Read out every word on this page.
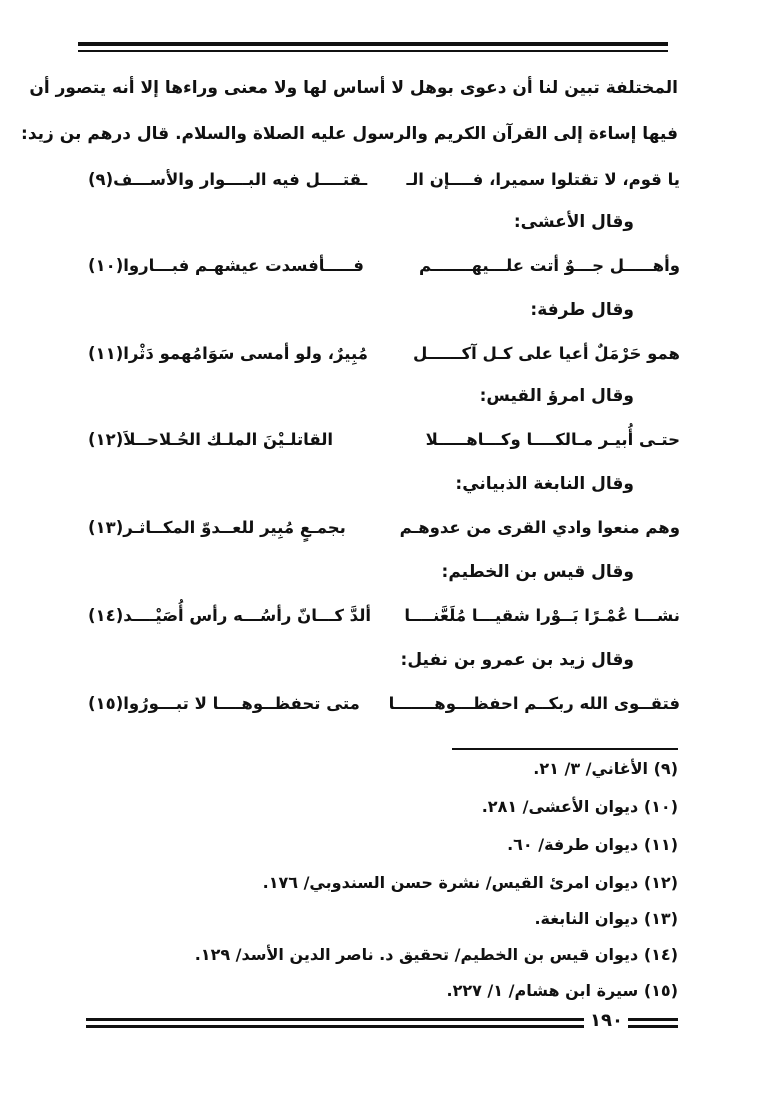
المختلفة تبين لنا أن دعوى بوهل لا أساس لها ولا معنى وراءها إلا أنه يتصور أن
فيها إساءة إلى القرآن الكريم والرسول عليه الصلاة والسلام. قال درهم بن زيد:
يا قوم، لا تقتلوا سميرا، فــــإن الـ
ـقتــــل فيه البــــوار والأســـف(٩)
وقال الأعشى:
وأهـــــل جـــوٌ أتت علـــيهـــــــم
فـــــأفسدت عيشهـم فبـــاروا(١٠)
وقال طرفة:
همو حَرْمَلٌ أعيا على كـل آكــــــل
مُبِيرٌ، ولو أمسى سَوَامُهمو دَثْرا(١١)
وقال امرؤ القيس:
حتـى أُبيـر مـالكــــا وكـــاهـــــلا
القاتلـيْنَ الملـك الحُـلاحــلاَ(١٢)
وقال النابغة الذبياني:
وهم منعوا وادي القرى من عدوهـم
بجمـعٍ مُبِير للعــدوّ المكــاثـر(١٣)
وقال قيس بن الخطيم:
نشـــا عُمْـرًا بَــوْرا شقيـــا مُلَعَّنــــا
ألدَّ كـــانّ رأسُـــه رأس أُصَيْــــد(١٤)
وقال زيد بن عمرو بن نفيل:
فتقــوى الله ربكــم احفظـــوهـــــــا
متى تحفظــوهــــا لا تبـــورُوا(١٥)
(٩) الأغاني/ ٣/ ٢١.
(١٠) ديوان الأعشى/ ٢٨١.
(١١) ديوان طرفة/ ٦٠.
(١٢) ديوان امرئ القيس/ نشرة حسن السندوبي/ ١٧٦.
(١٣) ديوان النابغة.
(١٤) ديوان قيس بن الخطيم/ تحقيق د. ناصر الدين الأسد/ ١٢٩.
(١٥) سيرة ابن هشام/ ١/ ٢٢٧.
١٩٠
